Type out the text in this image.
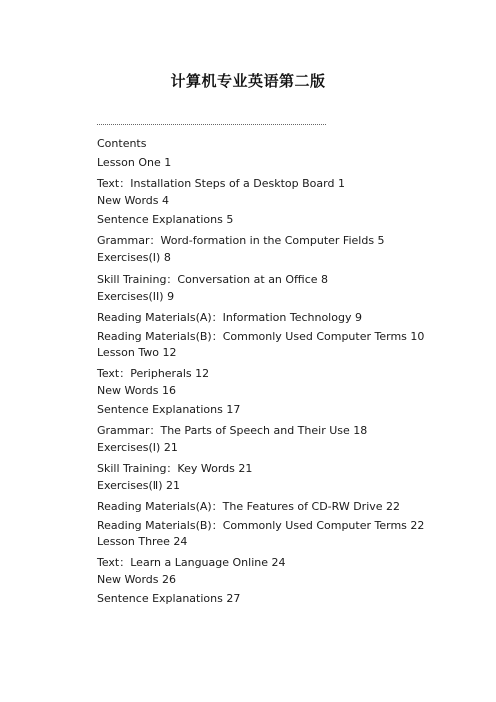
计算机专业英语第二版
Contents
Lesson One 1
Text：Installation Steps of a Desktop Board 1
New Words 4
Sentence Explanations 5
Grammar：Word-formation in the Computer Fields 5
Exercises(Ⅰ) 8
Skill Training：Conversation at an Office 8
Exercises(II) 9
Reading Materials(A)：Information Technology 9
Reading Materials(B)：Commonly Used Computer Terms 10
Lesson Two 12
Text：Peripherals 12
New Words 16
Sentence Explanations 17
Grammar：The Parts of Speech and Their Use 18
Exercises(Ⅰ) 21
Skill Training：Key Words 21
Exercises(Ⅱ) 21
Reading Materials(A)：The Features of CD-RW Drive 22
Reading Materials(B)：Commonly Used Computer Terms 22
Lesson Three 24
Text：Learn a Language Online 24
New Words 26
Sentence Explanations 27
